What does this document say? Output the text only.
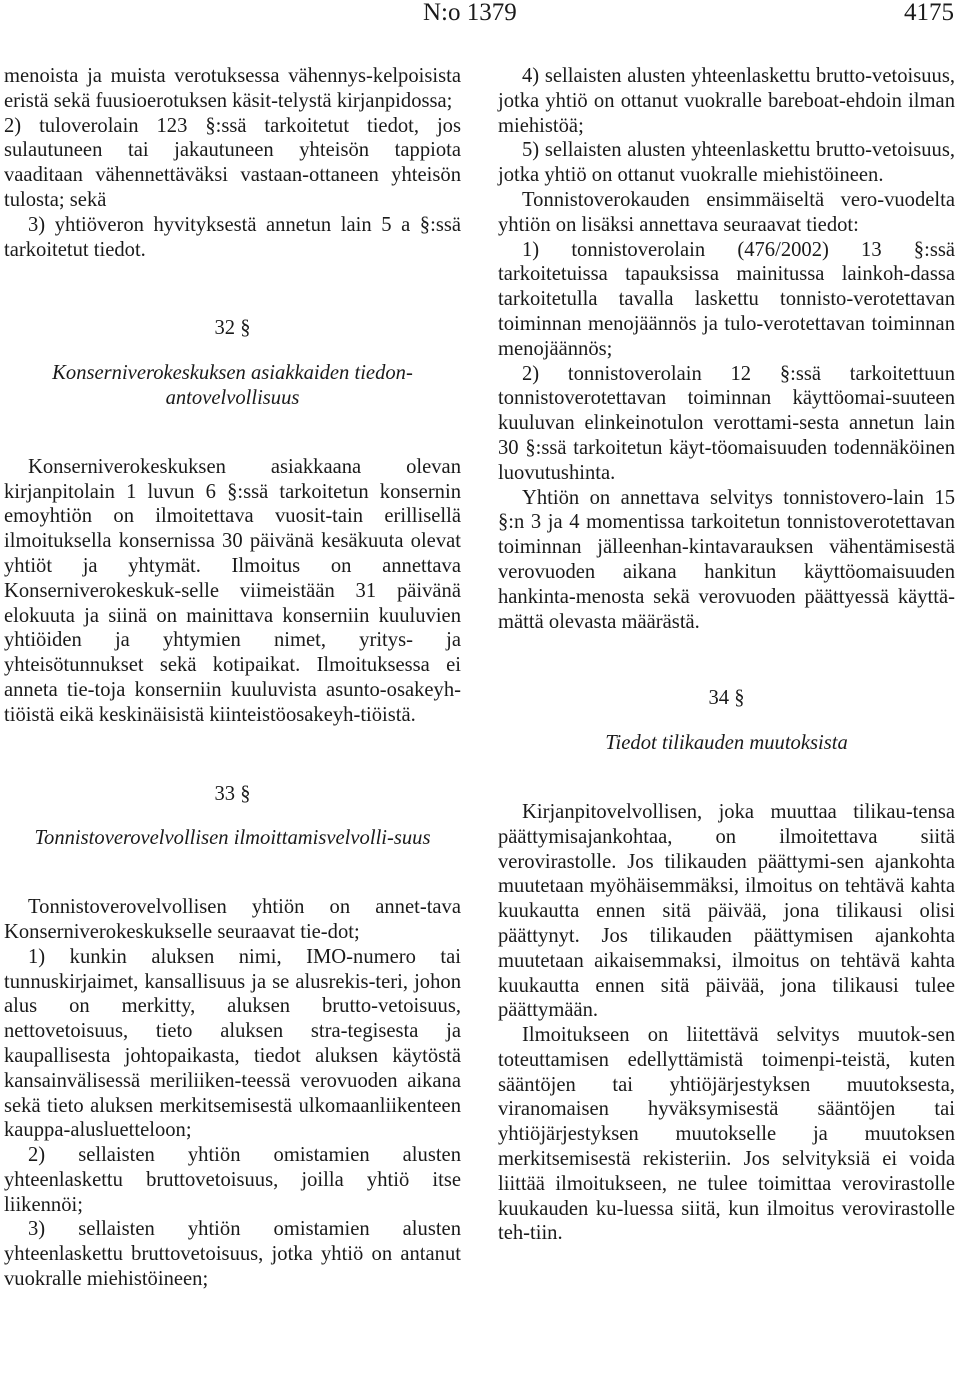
N:o 1379	4175

menoista ja muista verotuksessa vähennys-kelpoisista eristä sekä fuusioerotuksen käsit-telystä kirjanpidossa;

2) tuloverolain 123 §:ssä tarkoitetut tiedot, jos sulautuneen tai jakautuneen yhteisön tappiota vaaditaan vähennettäväksi vastaan-ottaneen yhteisön tulosta; sekä

3) yhtiöveron hyvityksestä annetun lain 5 a §:ssä tarkoitetut tiedot.

32 §

Konserniverokeskuksen asiakkaiden tiedon-antovelvollisuus

Konserniverokeskuksen asiakkaana olevan kirjanpitolain 1 luvun 6 §:ssä tarkoitetun konsernin emoyhtiön on ilmoitettava vuosit-tain erillisellä ilmoituksella konsernissa 30 päivänä kesäkuuta olevat yhtiöt ja yhtymät. Ilmoitus on annettava Konserniverokeskuk-selle viimeistään 31 päivänä elokuuta ja siinä on mainittava konserniin kuuluvien yhtiöiden ja yhtymien nimet, yritys- ja yhteisötunnukset sekä kotipaikat. Ilmoituksessa ei anneta tie-toja konserniin kuuluvista asunto-osakeyh-tiöistä eikä keskinäisistä kiinteistöosakeyh-tiöistä.

33 §

Tonnistoverovelvollisen ilmoittamisvelvolli-suus

Tonnistoverovelvollisen yhtiön on annet-tava Konserniverokeskukselle seuraavat tie-dot;

1) kunkin aluksen nimi, IMO-numero tai tunnuskirjaimet, kansallisuus ja se alusrekis-teri, johon alus on merkitty, aluksen brutto-vetoisuus, nettovetoisuus, tieto aluksen stra-tegisesta ja kaupallisesta johtopaikasta, tiedot aluksen käytöstä kansainvälisessä meriliiken-teessä verovuoden aikana sekä tieto aluksen merkitsemisestä ulkomaanliikenteen kauppa-alusluetteloon;

2) sellaisten yhtiön omistamien alusten yhteenlaskettu bruttovetoisuus, joilla yhtiö itse liikennöi;

3) sellaisten yhtiön omistamien alusten yhteenlaskettu bruttovetoisuus, jotka yhtiö on antanut vuokralle miehistöineen;

4) sellaisten alusten yhteenlaskettu brutto-vetoisuus, jotka yhtiö on ottanut vuokralle bareboat-ehdoin ilman miehistöä;

5) sellaisten alusten yhteenlaskettu brutto-vetoisuus, jotka yhtiö on ottanut vuokralle miehistöineen.

Tonnistoverokauden ensimmäiseltä vero-vuodelta yhtiön on lisäksi annettava seuraavat tiedot:

1) tonnistoverolain (476/2002) 13 §:ssä tarkoitetuissa tapauksissa mainitussa lainkoh-dassa tarkoitetulla tavalla laskettu tonnisto-verotettavan toiminnan menojäännös ja tulo-verotettavan toiminnan menojäännös;

2) tonnistoverolain 12 §:ssä tarkoitettuun tonnistoverotettavan toiminnan käyttöomai-suuteen kuuluvan elinkeinotulon verottami-sesta annetun lain 30 §:ssä tarkoitetun käyt-töomaisuuden todennäköinen luovutushinta.

Yhtiön on annettava selvitys tonnistovero-lain 15 §:n 3 ja 4 momentissa tarkoitetun tonnistoverotettavan toiminnan jälleenhan-kintavarauksen vähentämisestä verovuoden aikana hankitun käyttöomaisuuden hankinta-menosta sekä verovuoden päättyessä käyttä-mättä olevasta määrästä.

34 §

Tiedot tilikauden muutoksista

Kirjanpitovelvollisen, joka muuttaa tilikau-tensa päättymisajankohtaa, on ilmoitettava siitä verovirastolle. Jos tilikauden päättymi-sen ajankohta muutetaan myöhäisemmäksi, ilmoitus on tehtävä kahta kuukautta ennen sitä päivää, jona tilikausi olisi päättynyt. Jos tilikauden päättymisen ajankohta muutetaan aikaisemmaksi, ilmoitus on tehtävä kahta kuukautta ennen sitä päivää, jona tilikausi tulee päättymään.

Ilmoitukseen on liitettävä selvitys muutok-sen toteuttamisen edellyttämistä toimenpi-teistä, kuten sääntöjen tai yhtiöjärjestyksen muutoksesta, viranomaisen hyväksymisestä sääntöjen tai yhtiöjärjestyksen muutokselle ja muutoksen merkitsemisestä rekisteriin. Jos selvityksiä ei voida liittää ilmoitukseen, ne tulee toimittaa verovirastolle kuukauden ku-luessa siitä, kun ilmoitus verovirastolle teh-tiin.
